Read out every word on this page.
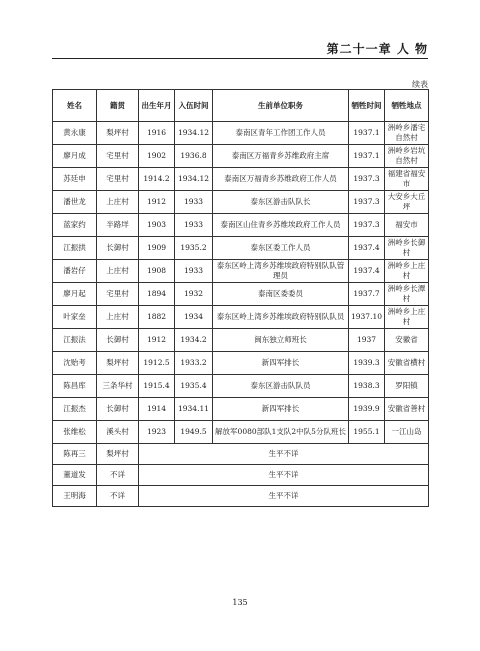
第二十一章 人 物
续表
姓名	籍贯	出生年月	入伍时间	生前单位职务	牺牲时间	牺牲地点
黄永康	梨坪村	1916	1934.12	泰南区青年工作团工作人员	1937.1	洲岭乡潘宅自然村
廖月成	宅里村	1902	1936.8	泰南区万福青乡苏维政府主席	1937.1	洲岭乡岩坑自然村
苏廷申	宅里村	1914.2	1934.12	泰南区万福青乡苏维政府工作人员	1937.3	福建省福安市
潘世龙	上庄村	1912	1933	泰东区游击队队长	1937.3	大安乡大丘坪
蓝家约	半路垟	1903	1933	泰南区山住青乡苏维埃政府工作人员	1937.3	福安市
江振拱	长御村	1909	1935.2	泰东区委工作人员	1937.4	洲岭乡长御村
潘岩仔	上庄村	1908	1933	泰东区岭上湾乡苏维埃政府特别队队管理员	1937.4	洲岭乡上庄村
廖月起	宅里村	1894	1932	泰南区委委员	1937.7	洲岭乡长潭村
叶家垒	上庄村	1882	1934	泰东区岭上湾乡苏维埃政府特别队队员	1937.10	洲岭乡上庄村
江振法	长御村	1912	1934.2	闽东独立师班长	1937	安徽省
沈贻考	梨坪村	1912.5	1933.2	新四军排长	1939.3	安徽省横村
陈昌库	三条华村	1915.4	1935.4	泰东区游击队队员	1938.3	罗阳镇
江振杰	长御村	1914	1934.11	新四军排长	1939.9	安徽省善村
张维松	溪头村	1923	1949.5	解放军0080部队1支队2中队5分队班长	1955.1	一江山岛
陈再三	梨坪村	生平不详				
董道发	不详	生平不详				
王明海	不详	生平不详				
135
